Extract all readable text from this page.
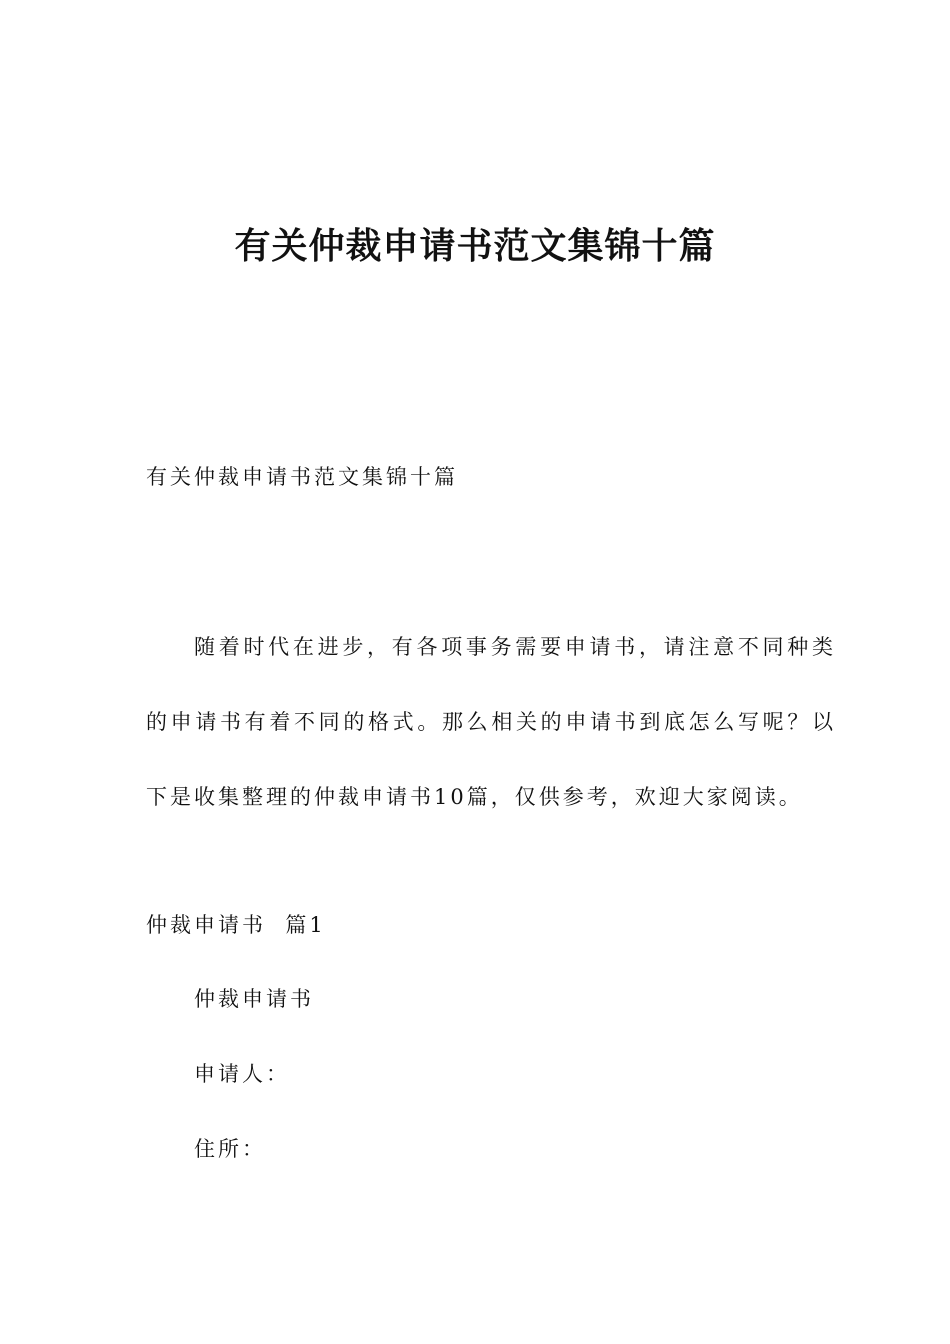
有关仲裁申请书范文集锦十篇

有关仲裁申请书范文集锦十篇

随着时代在进步，有各项事务需要申请书，请注意不同种类的申请书有着不同的格式。那么相关的申请书到底怎么写呢？以下是收集整理的仲裁申请书10篇，仅供参考，欢迎大家阅读。

仲裁申请书  篇1

仲裁申请书

申请人：

住所：
